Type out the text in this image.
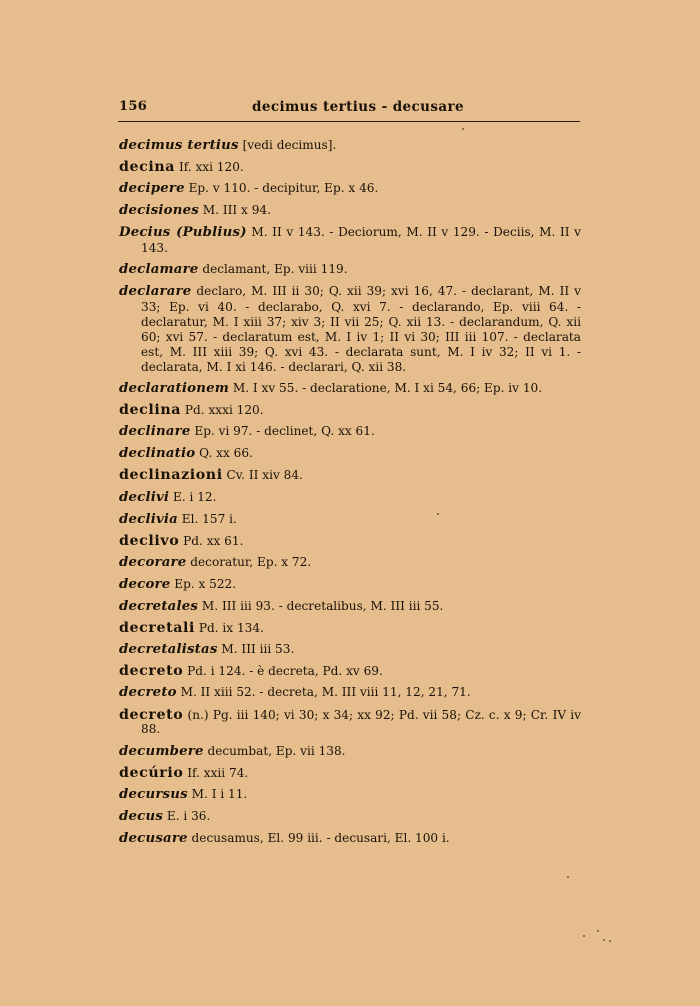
156	decimus tertius - decusare
decimus tertius [vedi decimus].
decina If. xxi 120.
decipere Ep. v 110. - decipitur, Ep. x 46.
decisiones M. III x 94.
Decius (Publius) M. II v 143. - Deciorum, M. II v 129. - Deciis, M. II v 143.
declamare declamant, Ep. viii 119.
declarare declaro, M. III ii 30; Q. xii 39; xvi 16, 47. - declarant, M. II v 33; Ep. vi 40. - declarabo, Q. xvi 7. - declarando, Ep. viii 64. - declaratur, M. I xiii 37; xiv 3; II vii 25; Q. xii 13. - declarandum, Q. xii 60; xvi 57. - declaratum est, M. I iv 1; II vi 30; III iii 107. - declarata est, M. III xiii 39; Q. xvi 43. - declarata sunt, M. I iv 32; II vi 1. - declarata, M. I xi 146. - declarari, Q. xii 38.
declarationem M. I xv 55. - declaratione, M. I xi 54, 66; Ep. iv 10.
declina Pd. xxxi 120.
declinare Ep. vi 97. - declinet, Q. xx 61.
declinatio Q. xx 66.
declinazioni Cv. II xiv 84.
declivi E. i 12.
declivia El. 157 i.
declivo Pd. xx 61.
decorare decoratur, Ep. x 72.
decore Ep. x 522.
decretales M. III iii 93. - decretalibus, M. III iii 55.
decretali Pd. ix 134.
decretalistas M. III iii 53.
decreto Pd. i 124. - è decreta, Pd. xv 69.
decreto M. II xiii 52. - decreta, M. III viii 11, 12, 21, 71.
decreto (n.) Pg. iii 140; vi 30; x 34; xx 92; Pd. vii 58; Cz. c. x 9; Cr. IV iv 88.
decumbere decumbat, Ep. vii 138.
decúrio If. xxii 74.
decursus M. I i 11.
decus E. i 36.
decusare decusamus, El. 99 iii. - decusari, El. 100 i.
